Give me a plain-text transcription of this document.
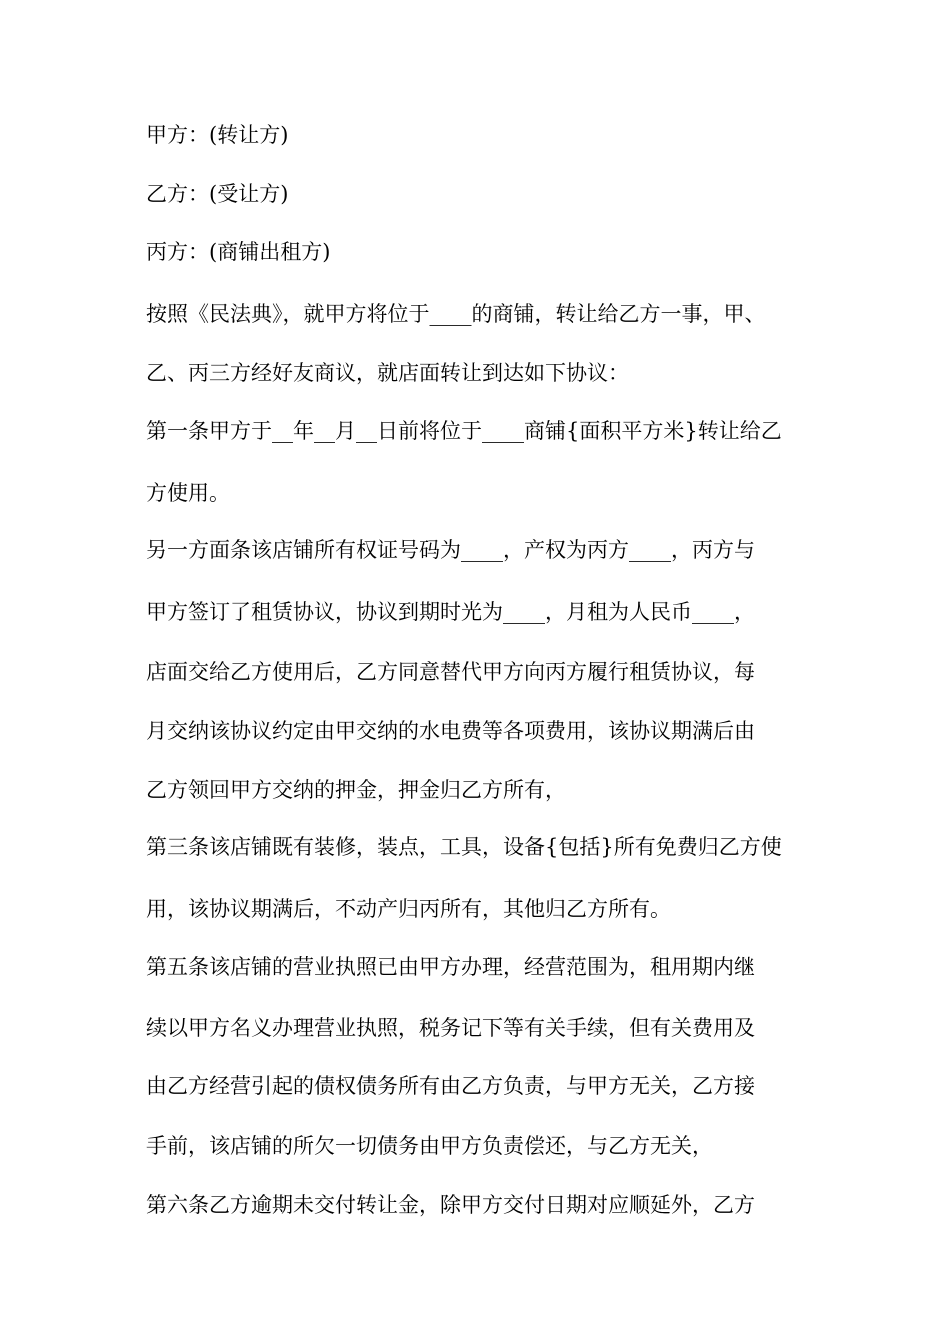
甲方：(转让方)
乙方：(受让方)
丙方：(商铺出租方)
按照《民法典》，就甲方将位于____的商铺，转让给乙方一事，甲、
乙、丙三方经好友商议，就店面转让到达如下协议：
第一条甲方于__年__月__日前将位于____商铺{面积平方米}转让给乙
方使用。
另一方面条该店铺所有权证号码为____，产权为丙方____，丙方与
甲方签订了租赁协议，协议到期时光为____，月租为人民币____，
店面交给乙方使用后，乙方同意替代甲方向丙方履行租赁协议，每
月交纳该协议约定由甲交纳的水电费等各项费用，该协议期满后由
乙方领回甲方交纳的押金，押金归乙方所有，
第三条该店铺既有装修，装点，工具，设备{包括}所有免费归乙方使
用，该协议期满后，不动产归丙所有，其他归乙方所有。
第五条该店铺的营业执照已由甲方办理，经营范围为，租用期内继
续以甲方名义办理营业执照，税务记下等有关手续，但有关费用及
由乙方经营引起的债权债务所有由乙方负责，与甲方无关，乙方接
手前，该店铺的所欠一切债务由甲方负责偿还，与乙方无关，
第六条乙方逾期未交付转让金，除甲方交付日期对应顺延外，乙方
